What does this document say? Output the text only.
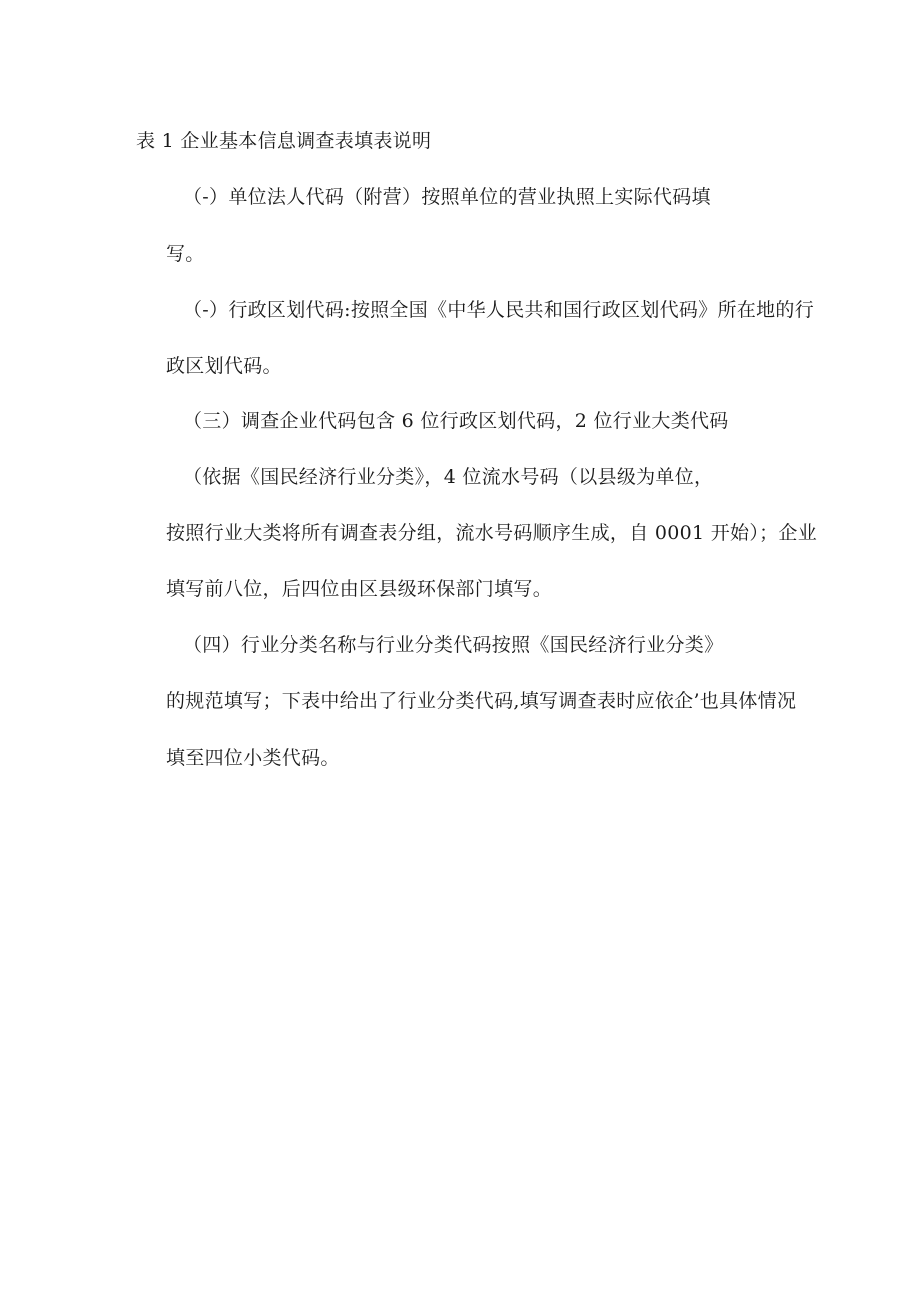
表 1 企业基本信息调查表填表说明
（-）单位法人代码（附营）按照单位的营业执照上实际代码填
写。
（-）行政区划代码:按照全国《中华人民共和国行政区划代码》所在地的行
政区划代码。
（三）调查企业代码包含 6 位行政区划代码，2 位行业大类代码
（依据《国民经济行业分类》，4 位流水号码（以县级为单位，
按照行业大类将所有调查表分组，流水号码顺序生成，自 0001 开始）；企业
填写前八位，后四位由区县级环保部门填写。
（四）行业分类名称与行业分类代码按照《国民经济行业分类》
的规范填写；下表中给出了行业分类代码,填写调查表时应依企’也具体情况
填至四位小类代码。
